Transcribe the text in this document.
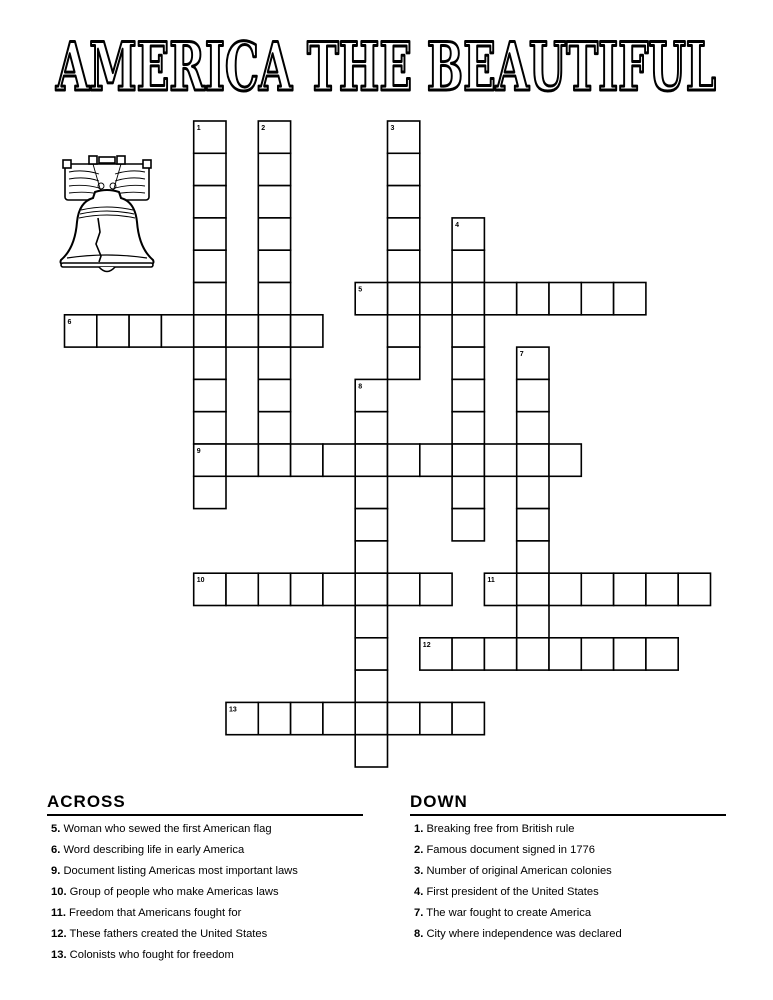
AMERICA THE BEAUTIFUL
1	2	3
4
5
6
7
8
9
10	11
12
13
ACROSS
5 . Woman who sewed the first American flag
6 . Word describing life in early America
9 . Document listing Americas most important laws
10 . Group of people who make Americas laws
11 . Freedom that Americans fought for
12 . These fathers created the United States
13 . Colonists who fought for freedom
DOWN
1 . Breaking free from British rule
2 . Famous document signed in 1776
3 . Number of original American colonies
4 . First president of the United States
7 . The war fought to create America
8 . City where independence was declared
